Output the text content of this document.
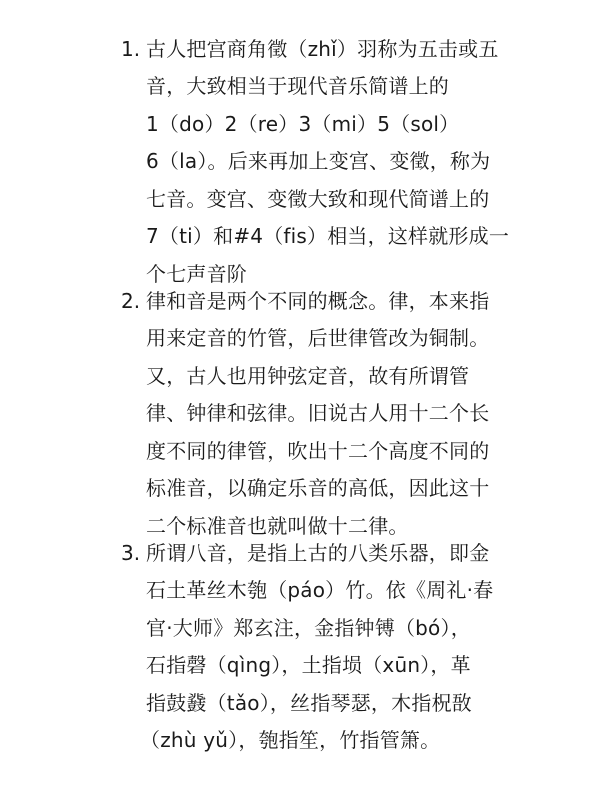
1. 古人把宫商角徵（zhǐ）羽称为五击或五
音，大致相当于现代音乐简谱上的
1（do）2（re）3（mi）5（sol）
6（la）。后来再加上变宫、变徵，称为
七音。变宫、变徵大致和现代简谱上的
7（ti）和#4（fis）相当，这样就形成一
个七声音阶
2. 律和音是两个不同的概念。律，本来指
用来定音的竹管，后世律管改为铜制。
又，古人也用钟弦定音，故有所谓管
律、钟律和弦律。旧说古人用十二个长
度不同的律管，吹出十二个高度不同的
标准音，以确定乐音的高低，因此这十
二个标准音也就叫做十二律。
3. 所谓八音，是指上古的八类乐器，即金
石土革丝木匏（páo）竹。依《周礼·春
官·大师》郑玄注，金指钟镈（bó），
石指磬（qìng），土指埙（xūn），革
指鼓鼗（tǎo），丝指琴瑟，木指柷敔
（zhù yǔ），匏指笙，竹指管箫。
